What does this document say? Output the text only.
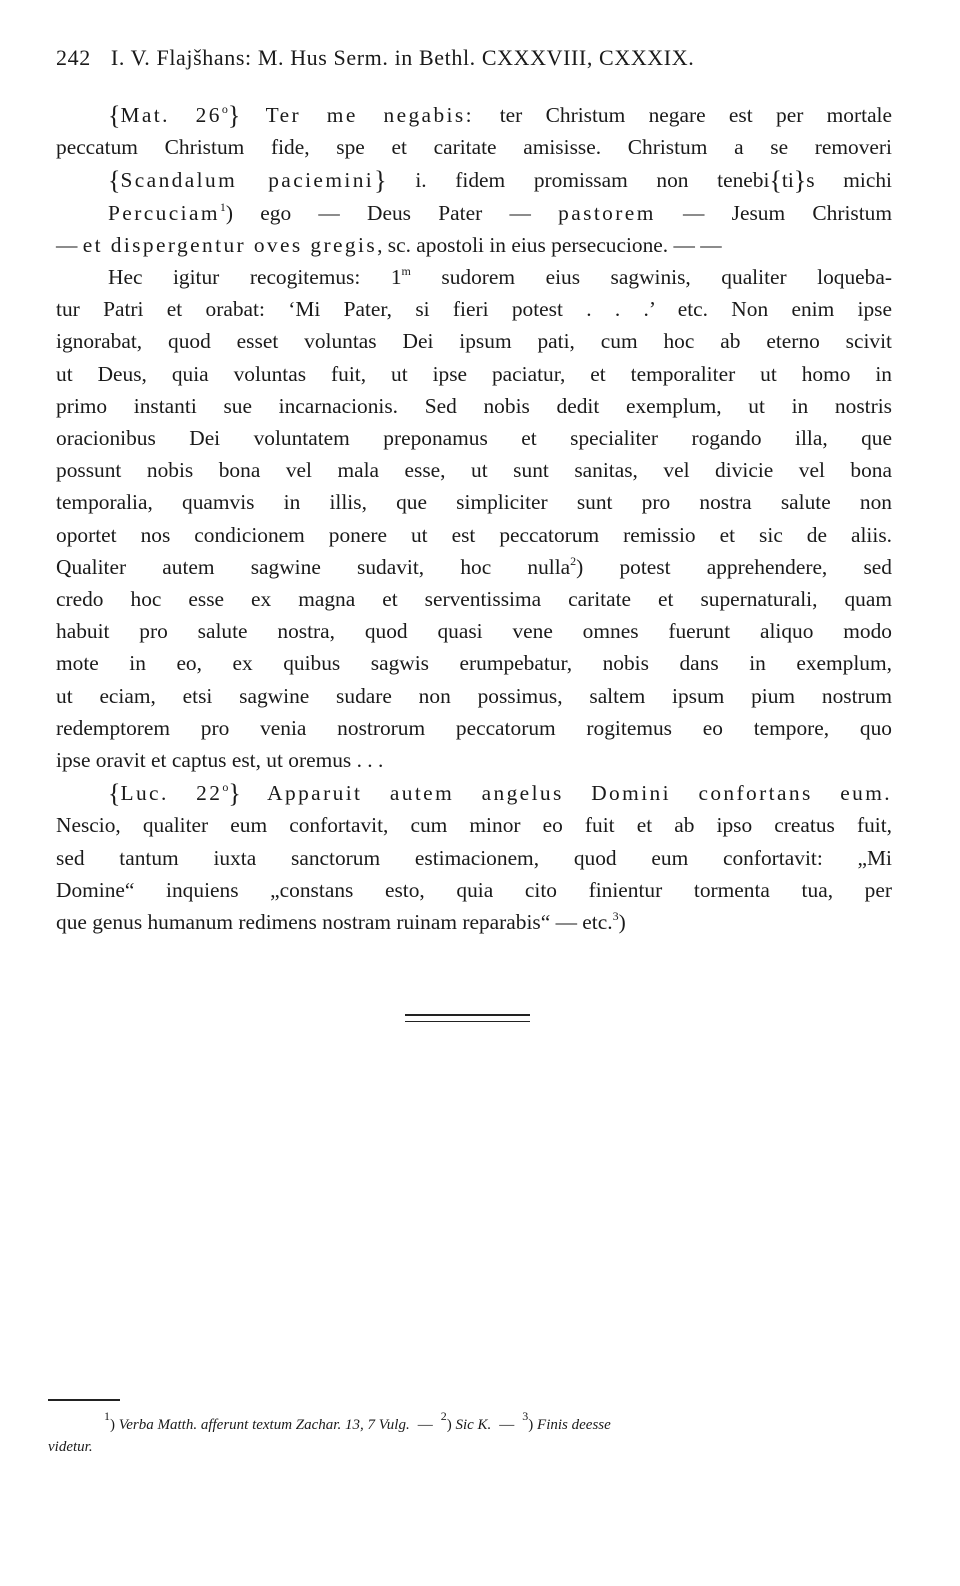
242 I. V. Flajšhans: M. Hus Serm. in Bethl. CXXXVIII, CXXXIX.
{Mat. 26$^o$} Ter me negabis: ter Christum negare est per mortale
peccatum Christum fide, spe et caritate amisisse. Christum a se removeri
{Scandalum paciemini} i. fidem promissam non tenebi{ti}s michi
Percuciam$^1$) ego — Deus Pater — pastorem — Jesum Christum
— et dispergentur oves gregis, sc. apostoli in eius persecucione. — —
Hec igitur recogitemus: 1$^m$ sudorem eius sagwinis, qualiter loqueba-
tur Patri et orabat: ‘Mi Pater, si fieri potest . . .’ etc. Non enim ipse
ignorabat, quod esset voluntas Dei ipsum pati, cum hoc ab eterno scivit
ut Deus, quia voluntas fuit, ut ipse paciatur, et temporaliter ut homo in
primo instanti sue incarnacionis. Sed nobis dedit exemplum, ut in nostris
oracionibus Dei voluntatem preponamus et specialiter rogando illa, que
possunt nobis bona vel mala esse, ut sunt sanitas, vel divicie vel bona
temporalia, quamvis in illis, que simpliciter sunt pro nostra salute non
oportet nos condicionem ponere ut est peccatorum remissio et sic de aliis.
Qualiter autem sagwine sudavit, hoc nulla$^2$) potest apprehendere, sed
credo hoc esse ex magna et serventissima caritate et supernaturali, quam
habuit pro salute nostra, quod quasi vene omnes fuerunt aliquo modo
mote in eo, ex quibus sagwis erumpebatur, nobis dans in exemplum,
ut eciam, etsi sagwine sudare non possimus, saltem ipsum pium nostrum
redemptorem pro venia nostrorum peccatorum rogitemus eo tempore, quo
ipse oravit et captus est, ut oremus . . .
{Luc. 22$^o$} Apparuit autem angelus Domini confortans eum.
Nescio, qualiter eum confortavit, cum minor eo fuit et ab ipso creatus fuit,
sed tantum iuxta sanctorum estimacionem, quod eum confortavit: „Mi
Domine“ inquiens „constans esto, quia cito finientur tormenta tua, per
que genus humanum redimens nostram ruinam reparabis“ — etc.$^3$)
$^1$) Verba Matth. afferunt textum Zachar. 13, 7 Vulg. —$^2$) Sic K. —$^3$) Finis deesse
videtur.
